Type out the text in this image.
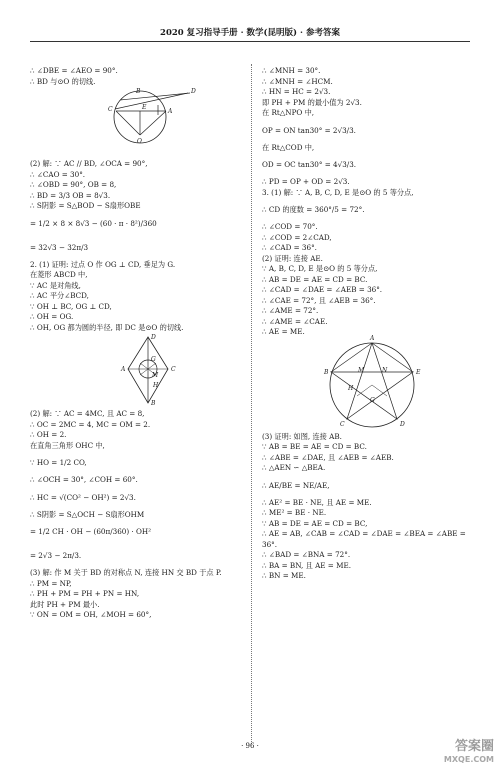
2020 复习指导手册 · 数学(昆明版) · 参考答案
∴ ∠DBE = ∠AEO = 90°.
∴ BD 与⊙O 的切线.
B	D
C	E
A
O
(2) 解: ∵ AC // BD, ∠OCA = 90°,
∴ ∠CAO = 30°.
∴ ∠OBD = 90°, OB = 8,
∴ BD = 3/3 OB = 8√3.
∴ S阴影 = S△BOD − S扇形OBE
= 1/2 × 8 × 8√3 − (60 · π · 8²)/360
= 32√3 − 32π/3
2. (1) 证明: 过点 O 作 OG ⊥ CD, 垂足为 G.
在菱形 ABCD 中,
∵ AC 是对角线,
∴ AC 平分∠BCD,
∵ OH ⊥ BC, OG ⊥ CD,
∴ OH = OG.
∴ OH, OG 都为圆的半径, 即 DC 是⊙O 的切线.
D
A	C
G
M
H
B
(2) 解: ∵ AC = 4MC, 且 AC = 8,
∴ OC = 2MC = 4, MC = OM = 2.
∴ OH = 2.
在直角三角形 OHC 中,
∵ HO = 1/2 CO,
∴ ∠OCH = 30°, ∠COH = 60°.
∴ HC = √(CO² − OH²) = 2√3.
∴ S阴影 = S△OCH − S扇形OHM
= 1/2 CH · OH − (60π/360) · OH²
= 2√3 − 2π/3.
(3) 解: 作 M 关于 BD 的对称点 N, 连接 HN 交 BD 于点 P.
∴ PM = NP,
∴ PH + PM = PH + PN = HN,
此时 PH + PM 最小.
∵ ON = OM = OH, ∠MOH = 60°,
∴ ∠MNH = 30°.
∴ ∠MNH = ∠HCM.
∴ HN = HC = 2√3.
即 PH + PM 的最小值为 2√3.
在 Rt△NPO 中,
OP = ON tan30° = 2√3/3.
在 Rt△COD 中,
OD = OC tan30° = 4√3/3.
∴ PD = OP + OD = 2√3.
3. (1) 解: ∵ A, B, C, D, E 是⊙O 的 5 等分点,
∴ CD 的度数 = 360°/5 = 72°.
∴ ∠COD = 70°.
∴ ∠COD = 2∠CAD,
∴ ∠CAD = 36°.
(2) 证明: 连接 AE.
∵ A, B, C, D, E 是⊙O 的 5 等分点,
∴ AB = DE = AE = CD = BC.
∴ ∠CAD = ∠DAE = ∠AEB = 36°.
∴ ∠CAE = 72°, 且 ∠AEB = 36°.
∴ ∠AME = 72°.
∴ ∠AME = ∠CAE.
∴ AE = ME.
A
B	E
M	N
H
G
C	D
(3) 证明: 如图, 连接 AB.
∵ AB = BE = AE = CD = BC.
∴ ∠ABE = ∠DAE, 且 ∠AEB = ∠AEB.
∴ △AEN ∽ △BEA.
∴ AE/BE = NE/AE,
∴ AE² = BE · NE, 且 AE = ME.
∴ ME² = BE · NE.
∵ AB = DE = AE = CD = BC,
∴ AE = AB, ∠CAB = ∠CAD = ∠DAE = ∠BEA = ∠ABE =
36°.
∴ ∠BAD = ∠BNA = 72°.
∴ BA = BN, 且 AE = ME.
∴ BN = ME.
· 96 ·	答案圈
MXQE.COM
